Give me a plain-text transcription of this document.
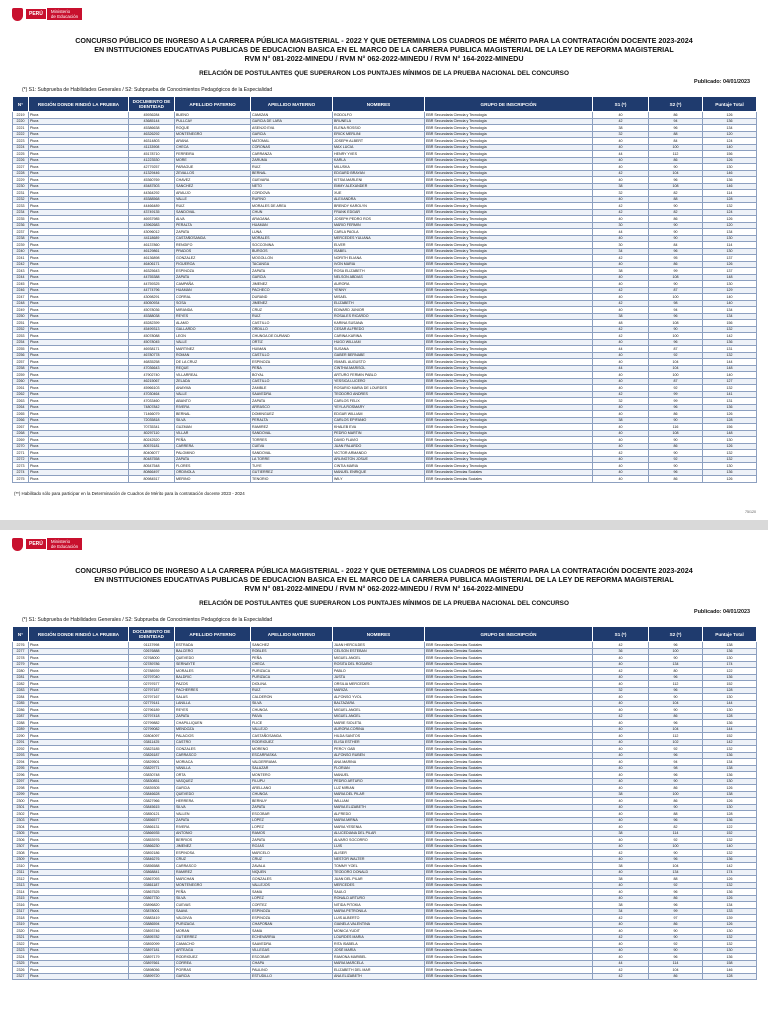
PERÚ	Ministerio
de Educación
CONCURSO PÚBLICO DE INGRESO A LA CARRERA PÚBLICA MAGISTERIAL - 2022 Y QUE DETERMINA LOS CUADROS DE MÉRITO PARA LA CONTRATACIÓN DOCENTE 2023-2024
EN INSTITUCIONES EDUCATIVAS PUBLICAS DE EDUCACION BASICA EN EL MARCO DE LA CARRERA PUBLICA MAGISTERIAL DE LA LEY DE REFORMA MAGISTERIAL
RVM N° 081-2022-MINEDU / RVM N° 062-2022-MINEDU / RVM N° 164-2022-MINEDU
RELACIÓN DE POSTULANTES QUE SUPERARON LOS PUNTAJES MÍNIMOS DE LA PRUEBA NACIONAL DEL CONCURSO
Publicado: 04/01/2023
(*) S1: Subprueba de Habilidades Generales / S2: Subprueba de Conocimientos Pedagógicos de la Especialidad
N°	REGIÓN DONDE RINDIÓ LA PRUEBA	DOCUMENTO DE IDENTIDAD	APELLIDO PATERNO	APELLIDO MATERNO	NOMBRES	GRUPO DE INSCRIPCIÓN	S1 (*)	S2 (*)	Puntaje Total
2219	Piura	45936284	BUENO	CAMIZAN	RODOLFO	EBR Secundaria Ciencia y Tecnología	40	86	126
2220	Piura	43685144	PULLCAY	GARCIA DE LARA	BRUNELA	EBR Secundaria Ciencia y Tecnología	42	94	136
2221	Piura	45386638	ROQUE	ASENJO EVA	ELENA ROSSIO	EBR Secundaria Ciencia y Tecnología	38	96	134
2222	Piura	46326292	MONTENEGRO	GARCIA	ERICK MERLINI	EBR Secundaria Ciencia y Tecnología	32	88	120
2223	Piura	46314803	ARANA	MATOMAL	JOSEPH ALBERT	EBR Secundaria Ciencia y Tecnología	40	84	124
2224	Piura	41133908	CHECA	CORONAS	MAX LUCIA	EBR Secundaria Ciencia y Tecnología	40	100	140
2225	Piura	45178710	FERREIRA	CARRANZA	HENRY YVES	EBR Secundaria Ciencia y Tecnología	44	112	156
2226	Piura	41223530	MORE	ZARUMA	KARLA	EBR Secundaria Ciencia y Tecnología	40	86	126
2227	Piura	42779257	PARAGUE	RUIZ	MILUSKA	EBR Secundaria Ciencia y Tecnología	40	90	130
2228	Piura	41329446	ZEVALLOS	BERNAL	EDGARD BRAYAN	EBR Secundaria Ciencia y Tecnología	42	104	146
2229	Piura	45360769	CHAVEZ	GUEVARA	KITSIA MARLENI	EBR Secundaria Ciencia y Tecnología	40	96	136
2230	Piura	45487503	SANCHEZ	NETO	EMMY ALEXANDER	EBR Secundaria Ciencia y Tecnología	38	108	146
2231	Piura	44364292	ARAUJO	CORDOVA	XUE	EBR Secundaria Ciencia y Tecnología	32	82	114
2232	Piura	45388568	VALLE	RUFINO	ALEXANDRA	EBR Secundaria Ciencia y Tecnología	40	88	128
2233	Piura	44466489	RUIZ	MORALES DE AREA	BRENDY KAROLYN	EBR Secundaria Ciencia y Tecnología	42	90	132
2234	Piura	43749135	SANDOVAL	CHUN	FRANK EDGAR	EBR Secundaria Ciencia y Tecnología	42	82	124
2235	Piura	46937985	ALVA	ARAGANA	JOSEPH PEDRO ROS	EBR Secundaria Ciencia y Tecnología	40	86	126
2236	Piura	43962683	PERALTA	HUAMAN	MARIO FERMIN	EBR Secundaria Ciencia y Tecnología	30	90	120
2237	Piura	43096012	ZAPATA	LUNA	CARLA PAOLA	EBR Secundaria Ciencia y Tecnología	44	90	134
2238	Piura	44118689	CASTAÑOSANDA	MORALES	MERCEDES YULIANA	EBR Secundaria Ciencia y Tecnología	40	90	130
2239	Piura	46137860	RENGIFO	SOCCONINA	ELVER	EBR Secundaria Ciencia y Tecnología	30	84	114
2240	Piura	46129861	PRADOS	BURGOS	ISABEL	EBR Secundaria Ciencia y Tecnología	34	96	130
2241	Piura	46136898	GONZALEZ	MOGOLLON	NORITH ELIANA	EBR Secundaria Ciencia y Tecnología	42	95	137
2242	Piura	46406171	FIGUEROA	TACANGA	IVON MARIA	EBR Secundaria Ciencia y Tecnología	40	86	126
2243	Piura	46325643	ESPINOZA	ZAPATA	ROSA ELIZABETH	EBR Secundaria Ciencia y Tecnología	38	99	137
2244	Piura	44755388	ZAPATA	GARCIA	NELSON ABDIAS	EBR Secundaria Ciencia y Tecnología	40	108	148
2245	Piura	44759325	CAMPAÑA	JIMENEZ	AURORA	EBR Secundaria Ciencia y Tecnología	40	90	130
2246	Piura	44774796	HUAMAN	PACHECO	YENNY	EBR Secundaria Ciencia y Tecnología	42	87	129
2247	Piura	43098291	CORRAL	DURAND	MISAEL	EBR Secundaria Ciencia y Tecnología	40	100	140
2248	Piura	45050934	SOSA	JIMENEZ	ELIZABETH	EBR Secundaria Ciencia y Tecnología	42	98	140
2249	Piura	45078036	MIRANDA	CRUZ	EDWARD JUNIOR	EBR Secundaria Ciencia y Tecnología	40	94	134
2250	Piura	45388038	REYES	RUIZ	ROSALES RICARDO	EBR Secundaria Ciencia y Tecnología	38	96	134
2251	Piura	45282399	ALAMO	CASTILLO	KARINA SUSANA	EBR Secundaria Ciencia y Tecnología	48	108	156
2252	Piura	45499313	GALLARDO	ORDILLO	CESAR ALFREDO	EBR Secundaria Ciencia y Tecnología	42	90	132
2253	Piura	45078088	LEON	CHUNGA DE DURAND	CARINA KARINA	EBR Secundaria Ciencia y Tecnología	42	100	142
2254	Piura	45078045	VALLE	ORTIZ	HUGO WILLIAM	EBR Secundaria Ciencia y Tecnología	40	96	136
2255	Piura	46938171	MARTINEZ	HUIMAN	SUSANA	EBR Secundaria Ciencia y Tecnología	44	87	131
2256	Piura	46780778	ROMAN	CASTILLO	GABER BERNABE	EBR Secundaria Ciencia y Tecnología	40	92	132
2257	Piura	46835258	DE LA CRUZ	ESPINOZA	ISMAEL AUGUSTO	EBR Secundaria Ciencia y Tecnología	40	104	144
2258	Piura	47036643	REQUE	PEÑA	CINTHIA MARISOL	EBR Secundaria Ciencia y Tecnología	44	104	148
2259	Piura	47902740	VILLARREAL	BOYAL	ARTURO FERMIN PABLO	EBR Secundaria Ciencia y Tecnología	40	100	140
2260	Piura	46215067	ZELADA	CASTILLO	YESSICA LUCERO	EBR Secundaria Ciencia y Tecnología	40	87	127
2261	Piura	45966103	ANAYMA	ZAMBLE	ROSARIO MARIA DE LOURDES	EBR Secundaria Ciencia y Tecnología	40	92	132
2262	Piura	47030464	VALLE	SAAVEDRA	TEODORO ANDRES	EBR Secundaria Ciencia y Tecnología	42	99	141
2263	Piura	47033460	ABANTO	ZAPATA	CARLOS FELIX	EBR Secundaria Ciencia y Tecnología	32	99	131
2264	Piura	74807842	RIVERA	ARRASCO	YEYLA ROSMARY	EBR Secundaria Ciencia y Tecnología	40	96	136
2265	Piura	71466079	BERNAL	DOMINGUEZ	EDGAR WILLIAM	EBR Secundaria Ciencia y Tecnología	40	86	126
2266	Piura	72035818	SILVA	PERALTA	CARLOS EPIFANIO	EBR Secundaria Ciencia y Tecnología	38	90	128
2267	Piura	70735341	GUZMAN	RAMIREZ	KHALEB EVA	EBR Secundaria Ciencia y Tecnología	40	116	156
2268	Piura	80297110	VILLAR	SANDOVAL	PEDRO MARTIN	EBR Secundaria Ciencia y Tecnología	40	108	148
2269	Piura	80242520	PEÑA	TORRES	DAVID FLAVIO	EBR Secundaria Ciencia y Tecnología	40	90	130
2270	Piura	80576181	CARRERA	CUEVA	JUAN PALARDO	EBR Secundaria Ciencia y Tecnología	40	86	126
2271	Piura	80406077	PALOMINO	SANDOVAL	VICTOR ARMANDO	EBR Secundaria Ciencia y Tecnología	42	90	132
2272	Piura	80487558	ZAPATA	LA TORRE	ARLINGTON JOSUE	EBR Secundaria Ciencia y Tecnología	40	92	132
2273	Piura	80547548	FLORES	TUYE	CINTIA MARIA	EBR Secundaria Ciencia y Tecnología	40	90	130
2274	Piura	80866497	ORDINOLA	GUTIERREZ	MANUEL ENRIQUE	EBR Secundaria Ciencias Sociales	40	96	136
2275	Piura	80984517	MERINO	TENORIO	WILY	EBR Secundaria Ciencias Sociales	40	86	126
(**) Habilitado sólo para participar en la Determinación de Cuadros de Mérito para la contratación docente 2023 - 2024
75/120
PERÚ	Ministerio
de Educación
CONCURSO PÚBLICO DE INGRESO A LA CARRERA PÚBLICA MAGISTERIAL - 2022 Y QUE DETERMINA LOS CUADROS DE MÉRITO PARA LA CONTRATACIÓN DOCENTE 2023-2024
EN INSTITUCIONES EDUCATIVAS PUBLICAS DE EDUCACION BASICA EN EL MARCO DE LA CARRERA PUBLICA MAGISTERIAL DE LA LEY DE REFORMA MAGISTERIAL
RVM N° 081-2022-MINEDU / RVM N° 062-2022-MINEDU / RVM N° 164-2022-MINEDU
RELACIÓN DE POSTULANTES QUE SUPERARON LOS PUNTAJES MÍNIMOS DE LA PRUEBA NACIONAL DEL CONCURSO
Publicado: 04/01/2023
(*) S1: Subprueba de Habilidades Generales / S2: Subprueba de Conocimientos Pedagógicos de la Especialidad
N°	REGIÓN DONDE RINDIÓ LA PRUEBA	DOCUMENTO DE IDENTIDAD	APELLIDO PATERNO	APELLIDO MATERNO	NOMBRES	GRUPO DE INSCRIPCIÓN	S1 (*)	S2 (*)	Puntaje Total
2276	Piura	01137998	ESTRADA	SANCHEZ	JUAN HERCILDES	EBR Secundaria Ciencias Sociales	42	96	138
2277	Piura	02676888	BALCERO	ROBLES	CELSON ESTEBAN	EBR Secundaria Ciencias Sociales	36	100	136
2278	Piura	02768000	QUEVEDO	PEÑA	MIGUEL ANGEL	EBR Secundaria Ciencias Sociales	40	90	130
2279	Piura	02789786	SERNAYTE	CHECA	ROSITA DEL ROSARIO	EBR Secundaria Ciencias Sociales	40	134	174
2280	Piura	02788939	MORALES	PURIZACA	PABLO	EBR Secundaria Ciencias Sociales	42	80	122
2281	Piura	02797040	BALDRIC	PURIZACA	JUSTA	EBR Secundaria Ciencias Sociales	40	96	136
2282	Piura	02797677	PAZOS	DIOLINA	ORSILIA MERCEDES	EBR Secundaria Ciencias Sociales	40	112	152
2283	Piura	02797187	PACHERRES	RUIZ	MARIZA	EBR Secundaria Ciencias Sociales	32	96	128
2284	Piura	02797167	SALAS	CALDERON	ALFONSO YVOL	EBR Secundaria Ciencias Sociales	40	90	130
2285	Piura	02779141	LANILLA	SILVA	BALTAZARA	EBR Secundaria Ciencias Sociales	40	104	144
2286	Piura	02796189	REYES	CHUNGA	MIGUEL ANGEL	EBR Secundaria Ciencias Sociales	40	90	130
2287	Piura	02797418	ZAPATA	PAIVA	MIGUEL ANGEL	EBR Secundaria Ciencias Sociales	42	86	128
2288	Piura	02799882	CHAPILLIQUEN	FLICE	MARIE SIOLETA	EBR Secundaria Ciencias Sociales	40	96	136
2289	Piura	02799082	MENDOZA	VALLEJO	AURORA CORINA	EBR Secundaria Ciencias Sociales	40	104	144
2290	Piura	02804097	PALACIOS	CASTAÑOSANDA	HILDA SANTOS	EBR Secundaria Ciencias Sociales	40	112	152
2291	Piura	03811425	CASTRO	RODRIGUEZ	ELISA ESTHER	EBR Secundaria Ciencias Sociales	40	102	142
2292	Piura	03823185	GONZALES	MORENO	PERCY GAB	EBR Secundaria Ciencias Sociales	40	92	132
2293	Piura	03826187	CARRASCO	ESCARRASKA	ALFONSO RUBEN	EBR Secundaria Ciencias Sociales	40	96	136
2294	Piura	03829501	MORIACA	VALDERRAMA	ANA MARINA	EBR Secundaria Ciencias Sociales	40	94	134
2295	Piura	03829771	VANILLA	SALAZAR	FLORIAN	EBR Secundaria Ciencias Sociales	40	98	138
2296	Piura	03830748	ORTA	MONTERO	MANUEL	EBR Secundaria Ciencias Sociales	40	96	136
2297	Piura	03830851	VASQUEZ	FILUPU	PEDRO ARTURO	EBR Secundaria Ciencias Sociales	40	90	130
2298	Piura	03839305	GARCIA	ARELLANO	LUZ MIRIAN	EBR Secundaria Ciencias Sociales	40	86	126
2299	Piura	03846628	QUEVEDO	CHUNGA	MARIA DEL PILAR	EBR Secundaria Ciencias Sociales	38	100	138
2300	Piura	03827966	HERRERA	BERNUY	WILLIAM	EBR Secundaria Ciencias Sociales	40	86	126
2301	Piura	03845615	SILVA	ZAPATA	MARIA ELIZABETH	EBR Secundaria Ciencias Sociales	40	90	130
2302	Piura	03850121	VALLEN	ESCOBAR	ALFREDO	EBR Secundaria Ciencias Sociales	40	88	128
2303	Piura	03856577	ZAPATA	LOPEZ	MARIA MIRNA	EBR Secundaria Ciencias Sociales	40	96	136
2304	Piura	03866131	RIVERA	LOPEZ	MARIA YESENIA	EBR Secundaria Ciencias Sociales	40	82	122
2305	Piura	03866935	ANTONIO	RAMOS	ALUCEDIANA DEL PILAR	EBR Secundaria Ciencias Sociales	38	114	152
2306	Piura	03853976	BERRIOS	ZAPATA	ALVARO SOCORRO	EBR Secundaria Ciencias Sociales	40	92	132
2307	Piura	03866230	JIMENEZ	ROJAS	LUIS	EBR Secundaria Ciencias Sociales	40	100	140
2308	Piura	03892186	ESPINOSA	MARCELO	ALISER	EBR Secundaria Ciencias Sociales	42	90	132
2309	Piura	03846276	CRUZ	CRUZ	NESTOR WALTER	EBR Secundaria Ciencias Sociales	40	96	136
2310	Piura	03856588	CARRASCO	ZAVALA	TOMMY YOEL	EBR Secundaria Ciencias Sociales	38	104	142
2311	Piura	03868841	RAMIREZ	NIQUEN	TEODORO DONALD	EBR Secundaria Ciencias Sociales	40	134	174
2312	Piura	03867093	MARCHAN	GONZALES	JUAN DEL PILAR	EBR Secundaria Ciencias Sociales	38	88	126
2313	Piura	03861187	MONTENEGRO	VALLEJOS	MERCEDES	EBR Secundaria Ciencias Sociales	40	92	132
2314	Piura	03867525	PEÑA	SAMA	SAULO	EBR Secundaria Ciencias Sociales	40	96	136
2315	Piura	03867730	SILVA	LOPEZ	RONALD ARTURO	EBR Secundaria Ciencias Sociales	40	86	126
2316	Piura	03896820	CUEVAS	CORTEZ	NITIDA PITOKIA	EBR Secundaria Ciencias Sociales	38	96	134
2317	Piura	03878001	SAAVA	ESPINOZA	MARIA PETRONILA	EBR Secundaria Ciencias Sociales	34	99	133
2318	Piura	03883419	VALDIVIA	ESPINOZA	LUIS ALBERTO	EBR Secundaria Ciencias Sociales	42	97	139
2319	Piura	03886594	PURIZAGA	CHAPOÑAN	GIANELA VALENTINA	EBR Secundaria Ciencias Sociales	40	86	126
2320	Piura	03893746	MORAN	SAMA	MONICA YUDIT	EBR Secundaria Ciencias Sociales	40	90	130
2321	Piura	03895782	GUTIERREZ	ECHEVARRIA	LOURDES MARIA	EBR Secundaria Ciencias Sociales	42	90	132
2322	Piura	03892099	CAMACHO	SAAVEDRA	RITA ISABELA	EBR Secundaria Ciencias Sociales	40	92	132
2323	Piura	03897181	ARTEAGA	VILLEGAS	JOSÉ MARÍA	EBR Secundaria Ciencias Sociales	40	90	130
2324	Piura	03897179	RODRIGUEZ	ESCOBAR	RAMONA MARIBEL	EBR Secundaria Ciencias Sociales	40	96	136
2325	Piura	03897661	CORREA	CHAPA	MARIA MARCELA	EBR Secundaria Ciencias Sociales	44	114	158
2326	Piura	03898056	PORRAS	PAULINO	ELIZABETH DEL MAR	EBR Secundaria Ciencias Sociales	42	104	146
2327	Piura	03899720	GARCIA	ESTUDILLO	ANA ELIZABETH	EBR Secundaria Ciencias Sociales	42	86	128
